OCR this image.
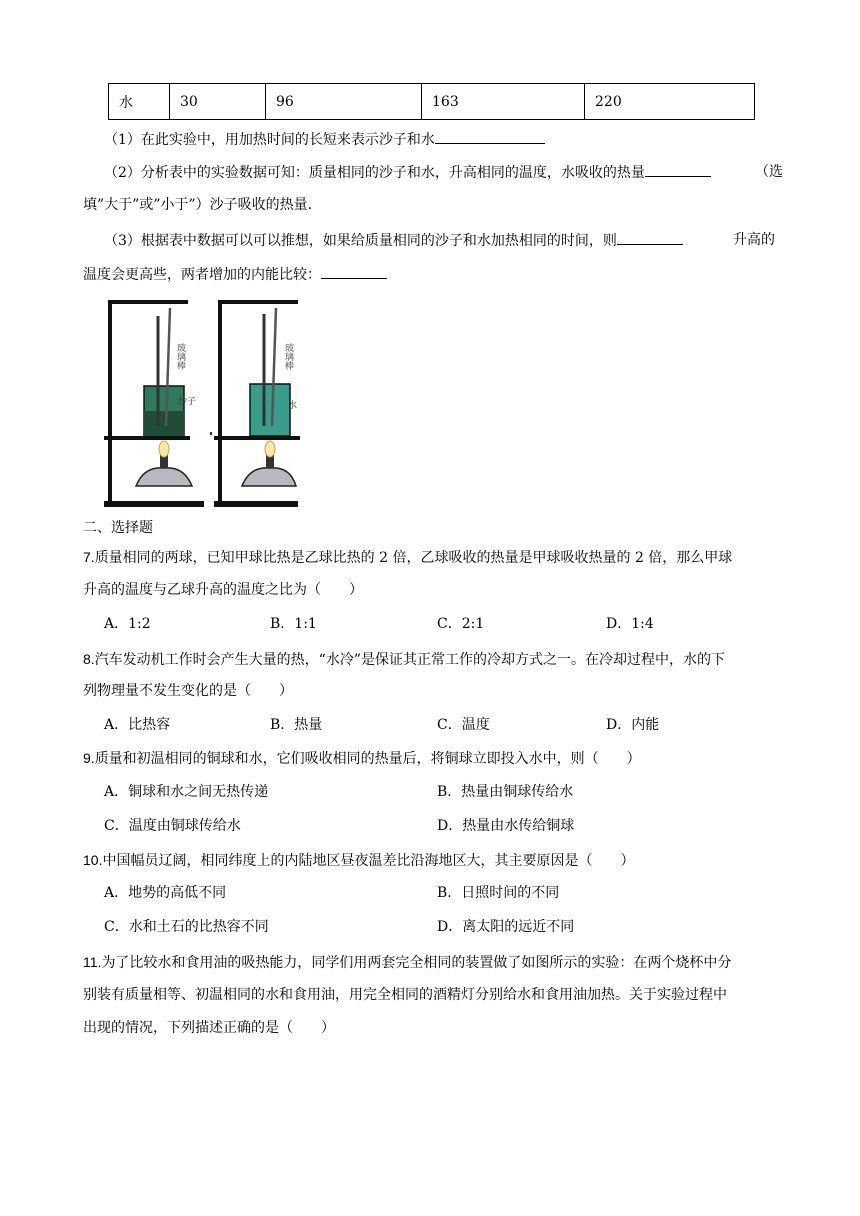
水	30	96	163	220
（1）在此实验中，用加热时间的长短来表示沙子和水
（2）分析表中的实验数据可知：质量相同的沙子和水，升高相同的温度，水吸收的热量	（选
填”大于”或”小于”）沙子吸收的热量.
（3）根据表中数据可以可以推想，如果给质量相同的沙子和水加热相同的时间，则	升高的
温度会更高些，两者增加的内能比较：
玻璃棒
沙子
玻璃棒
水
二、选择题
7.质量相同的两球，已知甲球比热是乙球比热的 2 倍，乙球吸收的热量是甲球吸收热量的 2 倍，那么甲球
升高的温度与乙球升高的温度之比为（　　）
A．1:2	B．1:1	C．2:1	D．1:4
8.汽车发动机工作时会产生大量的热，“水冷”是保证其正常工作的冷却方式之一。在冷却过程中，水的下
列物理量不发生变化的是（　　）
A．比热容	B．热量	C．温度	D．内能
9.质量和初温相同的铜球和水，它们吸收相同的热量后，将铜球立即投入水中，则（　　）
A．铜球和水之间无热传递	B．热量由铜球传给水
C．温度由铜球传给水	D．热量由水传给铜球
10.中国幅员辽阔，相同纬度上的内陆地区昼夜温差比沿海地区大，其主要原因是（　　）
A．地势的高低不同	B．日照时间的不同
C．水和土石的比热容不同	D．离太阳的远近不同
11.为了比较水和食用油的吸热能力，同学们用两套完全相同的装置做了如图所示的实验：在两个烧杯中分
别装有质量相等、初温相同的水和食用油，用完全相同的酒精灯分别给水和食用油加热。关于实验过程中
出现的情况，下列描述正确的是（　　）
